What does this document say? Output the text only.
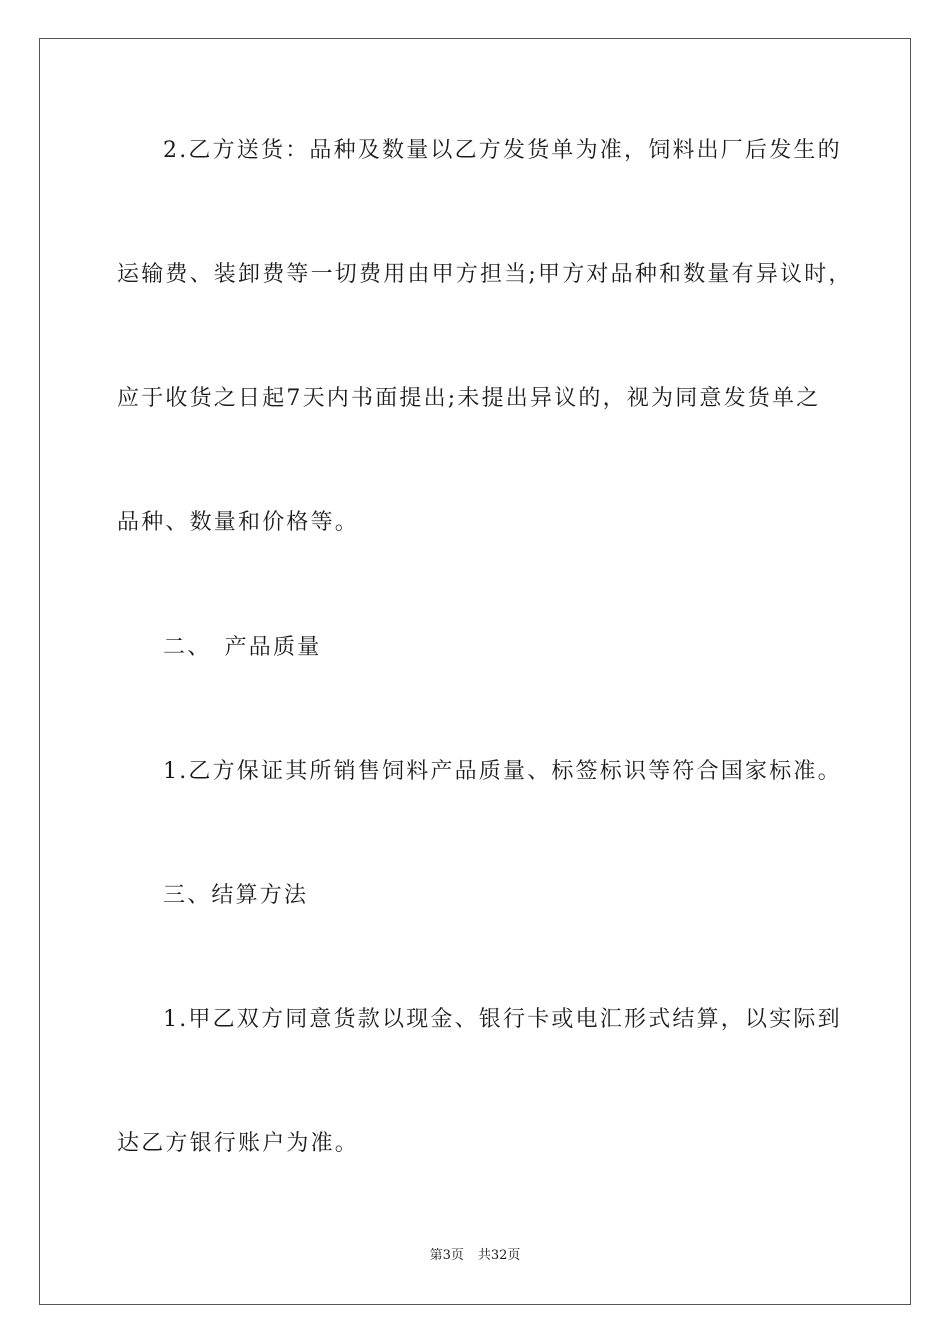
2.乙方送货：品种及数量以乙方发货单为准，饲料出厂后发生的
运输费、装卸费等一切费用由甲方担当;甲方对品种和数量有异议时，
应于收货之日起7天内书面提出;未提出异议的，视为同意发货单之
品种、数量和价格等。
二、　产品质量
1.乙方保证其所销售饲料产品质量、标签标识等符合国家标准。
三、结算方法
1.甲乙双方同意货款以现金、银行卡或电汇形式结算，以实际到
达乙方银行账户为准。
第3页 共32页
